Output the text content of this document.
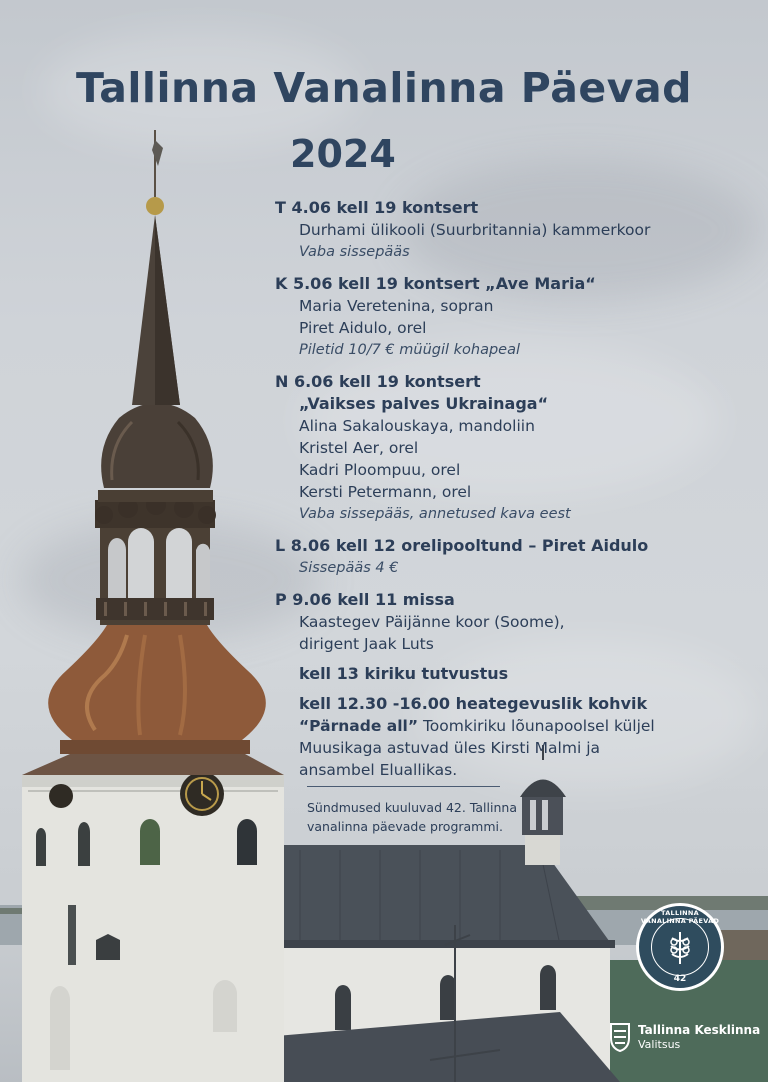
Tallinna Vanalinna Päevad
2024
T 4.06 kell 19 kontsert
Durhami ülikooli (Suurbritannia) kammerkoor
Vaba sissepääs
K 5.06 kell 19 kontsert „Ave Maria“
Maria Veretenina, sopran
Piret Aidulo, orel
Piletid 10/7 € müügil kohapeal
N 6.06 kell 19 kontsert
„Vaikses palves Ukrainaga“
Alina Sakalouskaya, mandoliin
Kristel Aer, orel
Kadri Ploompuu, orel
Kersti Petermann, orel
Vaba sissepääs, annetused kava eest
L 8.06 kell 12 orelipooltund – Piret Aidulo
Sissepääs 4 €
P 9.06 kell 11 missa
Kaastegev Päijänne koor (Soome),
dirigent Jaak Luts
kell 13 kiriku tutvustus
kell 12.30 -16.00 heategevuslik kohvik
“Pärnade all” Toomkiriku lõunapoolsel küljel
Muusikaga astuvad üles Kirsti Malmi ja
ansambel Eluallikas.
Sündmused kuuluvad 42. Tallinna vanalinna päevade programmi.
TALLINNA VANALINNA PÄEVAD
42
Tallinna Kesklinna
Valitsus
